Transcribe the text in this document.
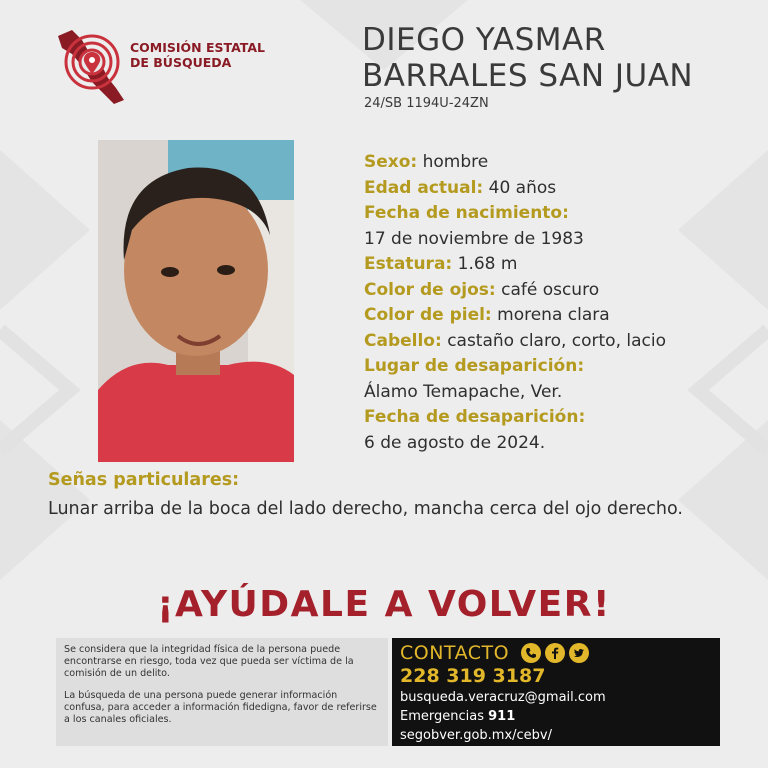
COMISIÓN ESTATAL
DE BÚSQUEDA
DIEGO YASMAR
BARRALES SAN JUAN
24/SB 1194U-24ZN
Sexo: hombre
Edad actual: 40 años
Fecha de nacimiento:
17 de noviembre de 1983
Estatura: 1.68 m
Color de ojos: café oscuro
Color de piel: morena clara
Cabello: castaño claro, corto, lacio
Lugar de desaparición:
Álamo Temapache, Ver.
Fecha de desaparición:
6 de agosto de 2024.
Señas particulares:
Lunar arriba de la boca del lado derecho, mancha cerca del ojo derecho.
¡AYÚDALE A VOLVER!

Se considera que la integridad física de la persona puede encontrarse en riesgo, toda vez que pueda ser víctima de la comisión de un delito.

La búsqueda de una persona puede generar información confusa, para acceder a información fidedigna, favor de referirse a los canales oficiales.

CONTACTO
228 319 3187
busqueda.veracruz@gmail.com
Emergencias 911
segobver.gob.mx/cebv/
